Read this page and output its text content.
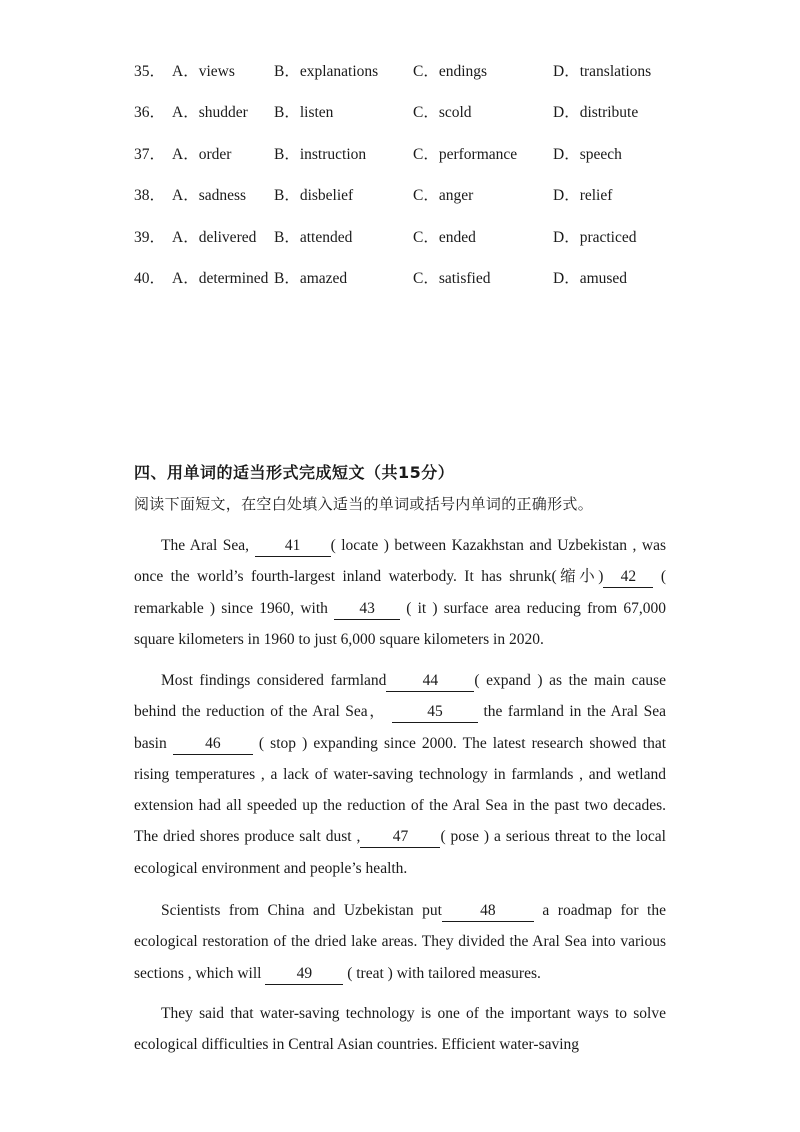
35． A．views	B．explanations C．endings	D．translations
36． A．shudder B．listen	C．scold	D．distribute
37． A．order	B．instruction	C．performance D．speech
38． A．sadness B．disbelief	C．anger	D．relief
39． A．delivered B．attended	C．ended	D．practiced
40． A．determined B．amazed	C．satisfied	D．amused
四、用单词的适当形式完成短文（共15分）
阅读下面短文，在空白处填入适当的单词或括号内单词的正确形式。
The Aral Sea, 41 ( locate ) between Kazakhstan and Uzbekistan , was once the world’s fourth-largest inland waterbody. It has shrunk(缩小) 42 ( remarkable ) since 1960, with 43 ( it ) surface area reducing from 67,000 square kilometers in 1960 to just 6,000 square kilometers in 2020.
Most findings considered farmland 44 ( expand ) as the main cause behind the reduction of the Aral Sea，	45	the farmland in the Aral Sea basin 46 ( stop ) expanding since 2000. The latest research showed that rising temperatures , a lack of water-saving technology in farmlands , and wetland extension had all speeded up the reduction of the Aral Sea in the past two decades. The dried shores produce salt dust , 47 ( pose ) a serious threat to the local ecological environment and people’s health.
Scientists from China and Uzbekistan put 48	a roadmap for the ecological restoration of the dried lake areas. They divided the Aral Sea into various sections , which will 49 ( treat ) with tailored measures.
They said that water-saving technology is one of the important ways to solve ecological difficulties in Central Asian countries. Efficient water-saving
